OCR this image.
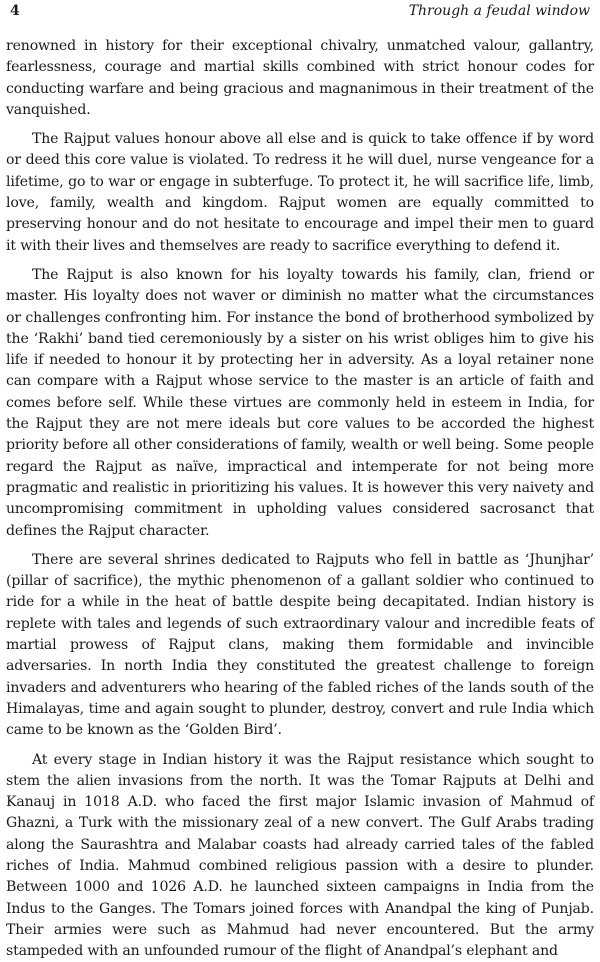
4	Through a feudal window

renowned in history for their exceptional chivalry, unmatched valour, gallantry, fearlessness, courage and martial skills combined with strict honour codes for conducting warfare and being gracious and magnanimous in their treatment of the vanquished.

The Rajput values honour above all else and is quick to take offence if by word or deed this core value is violated. To redress it he will duel, nurse vengeance for a lifetime, go to war or engage in subterfuge. To protect it, he will sacrifice life, limb, love, family, wealth and kingdom. Rajput women are equally committed to preserving honour and do not hesitate to encourage and impel their men to guard it with their lives and themselves are ready to sacrifice everything to defend it.

The Rajput is also known for his loyalty towards his family, clan, friend or master. His loyalty does not waver or diminish no matter what the circumstances or challenges confronting him. For instance the bond of brotherhood symbolized by the ‘Rakhi’ band tied ceremoniously by a sister on his wrist obliges him to give his life if needed to honour it by protecting her in adversity. As a loyal retainer none can compare with a Rajput whose service to the master is an article of faith and comes before self. While these virtues are commonly held in esteem in India, for the Rajput they are not mere ideals but core values to be accorded the highest priority before all other considerations of family, wealth or well being. Some people regard the Rajput as naïve, impractical and intemperate for not being more pragmatic and realistic in prioritizing his values. It is however this very naivety and uncompromising commitment in upholding values considered sacrosanct that defines the Rajput character.

There are several shrines dedicated to Rajputs who fell in battle as ‘Jhunjhar’ (pillar of sacrifice), the mythic phenomenon of a gallant soldier who continued to ride for a while in the heat of battle despite being decapitated. Indian history is replete with tales and legends of such extraordinary valour and incredible feats of martial prowess of Rajput clans, making them formidable and invincible adversaries. In north India they constituted the greatest challenge to foreign invaders and adventurers who hearing of the fabled riches of the lands south of the Himalayas, time and again sought to plunder, destroy, convert and rule India which came to be known as the ‘Golden Bird’.

At every stage in Indian history it was the Rajput resistance which sought to stem the alien invasions from the north. It was the Tomar Rajputs at Delhi and Kanauj in 1018 A.D. who faced the first major Islamic invasion of Mahmud of Ghazni, a Turk with the missionary zeal of a new convert. The Gulf Arabs trading along the Saurashtra and Malabar coasts had already carried tales of the fabled riches of India. Mahmud combined religious passion with a desire to plunder. Between 1000 and 1026 A.D. he launched sixteen campaigns in India from the Indus to the Ganges. The Tomars joined forces with Anandpal the king of Punjab. Their armies were such as Mahmud had never encountered. But the army stampeded with an unfounded rumour of the flight of Anandpal’s elephant and
